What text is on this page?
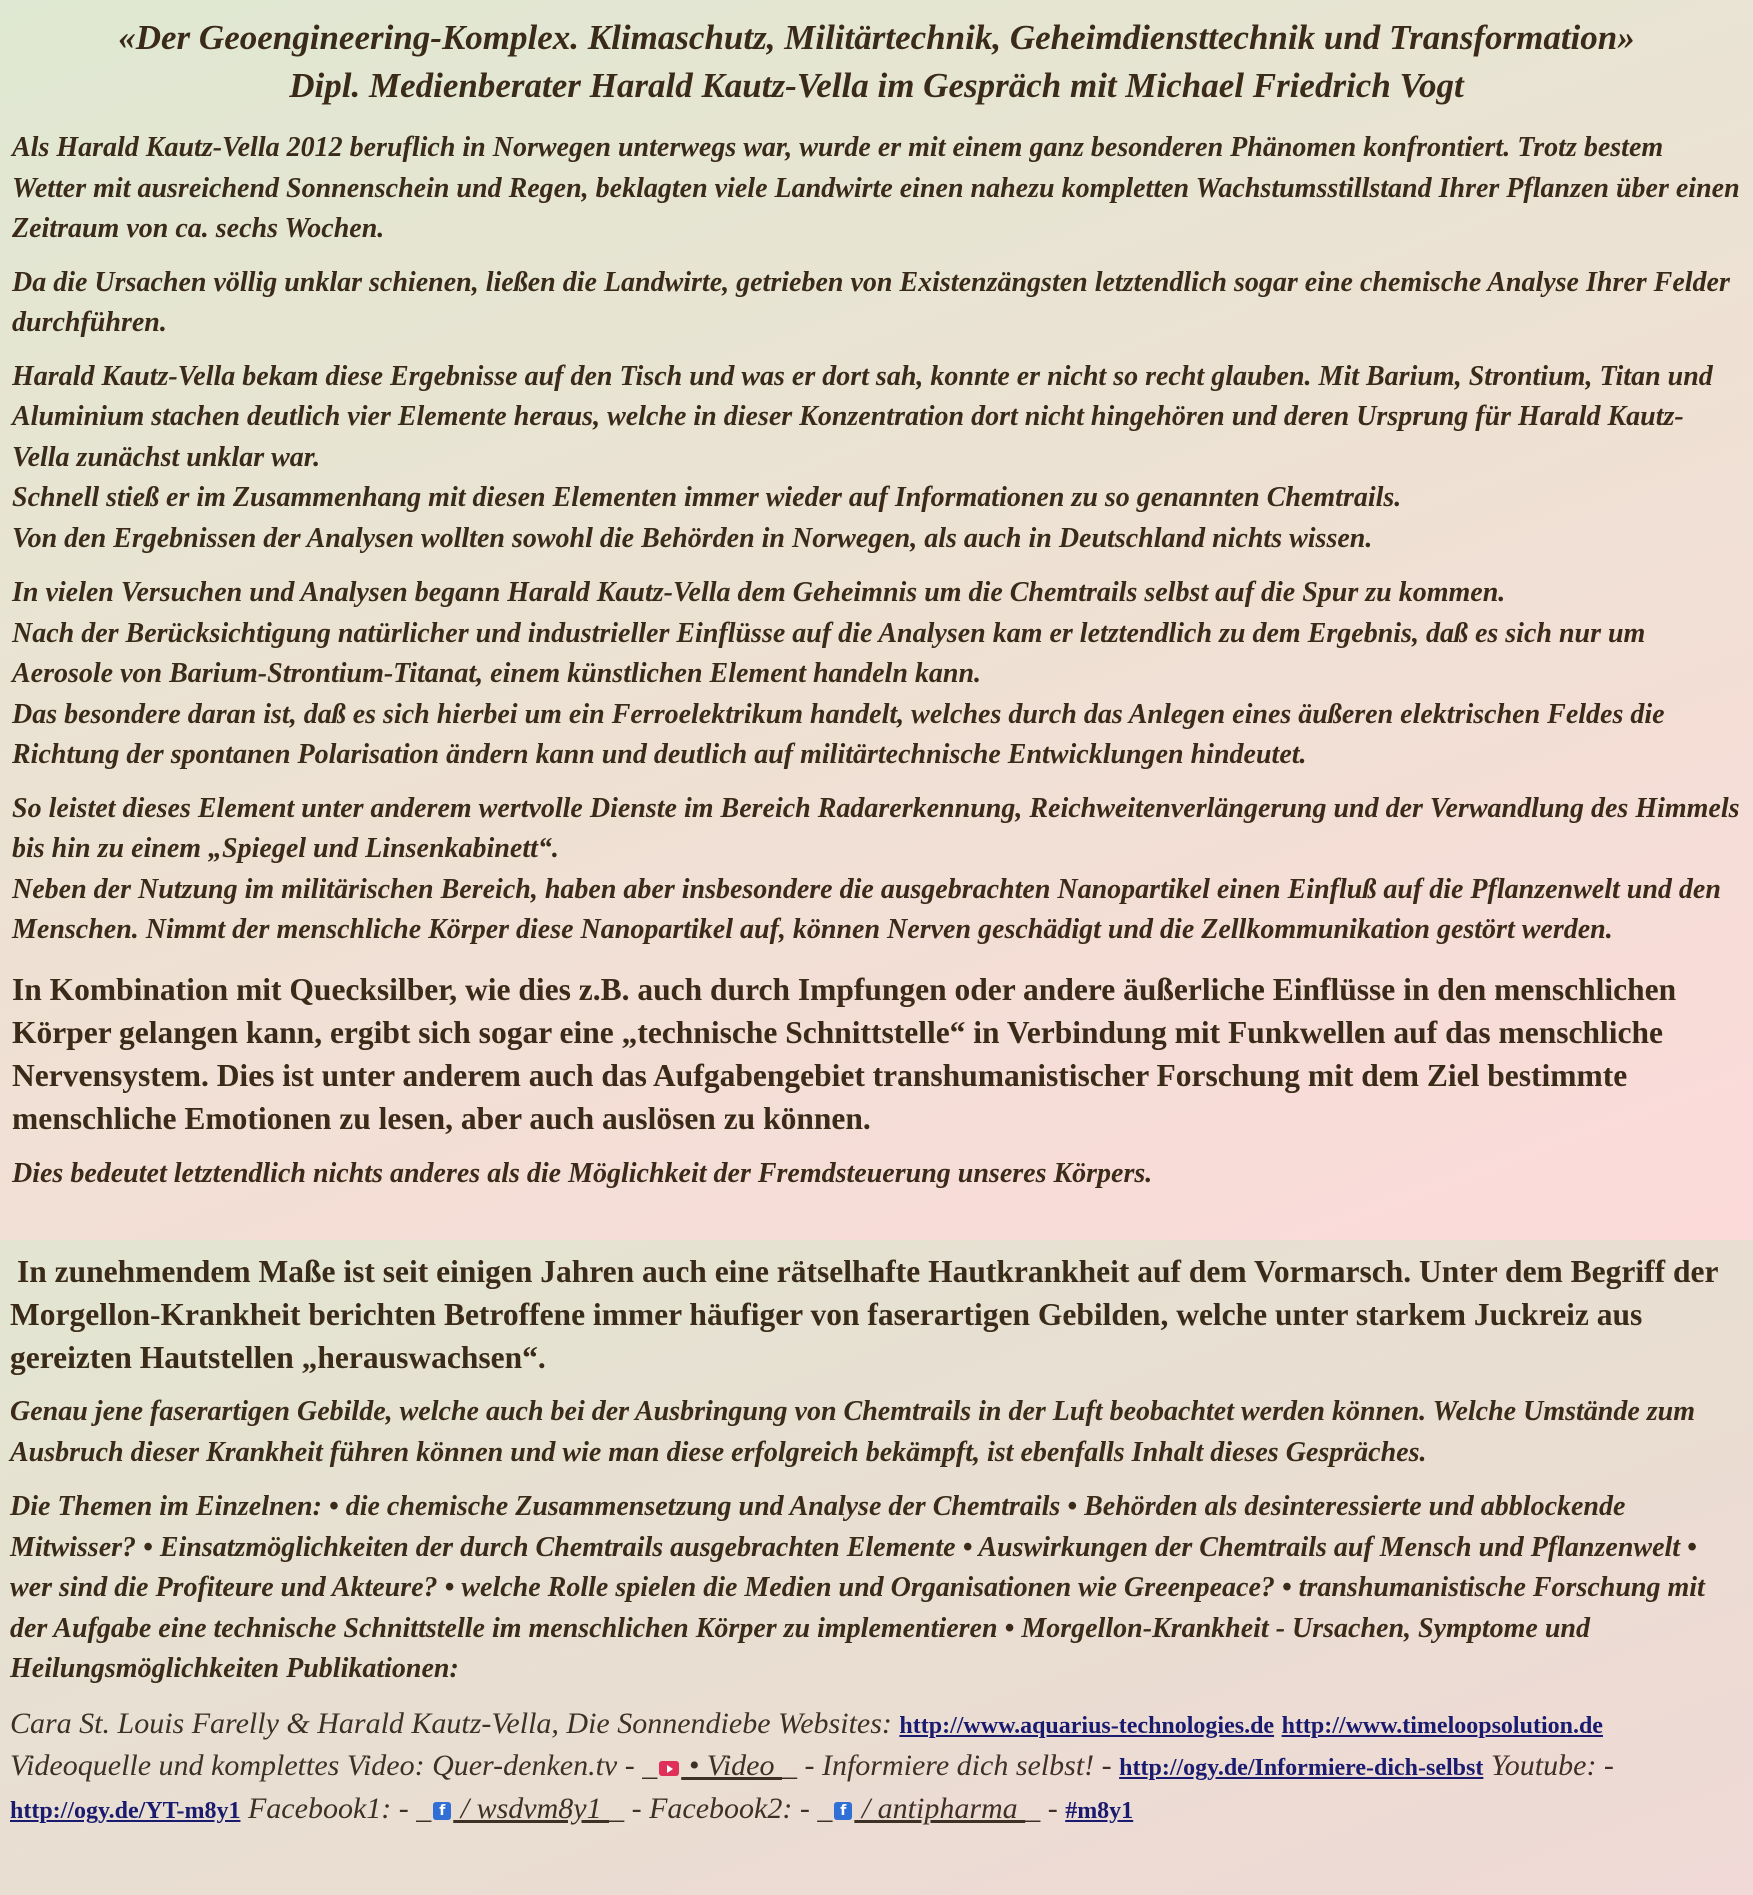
«Der Geoengineering-Komplex. Klimaschutz, Militärtechnik, Geheimdiensttechnik und Transformation»
Dipl. Medienberater Harald Kautz-Vella im Gespräch mit Michael Friedrich Vogt

Als Harald Kautz-Vella 2012 beruflich in Norwegen unterwegs war, wurde er mit einem ganz besonderen Phänomen konfrontiert. Trotz bestem Wetter mit ausreichend Sonnenschein und Regen, beklagten viele Landwirte einen nahezu kompletten Wachstumsstillstand Ihrer Pflanzen über einen Zeitraum von ca. sechs Wochen.

Da die Ursachen völlig unklar schienen, ließen die Landwirte, getrieben von Existenzängsten letztendlich sogar eine chemische Analyse Ihrer Felder durchführen.

Harald Kautz-Vella bekam diese Ergebnisse auf den Tisch und was er dort sah, konnte er nicht so recht glauben. Mit Barium, Strontium, Titan und Aluminium stachen deutlich vier Elemente heraus, welche in dieser Konzentration dort nicht hingehören und deren Ursprung für Harald Kautz-Vella zunächst unklar war.

Schnell stieß er im Zusammenhang mit diesen Elementen immer wieder auf Informationen zu so genannten Chemtrails.

Von den Ergebnissen der Analysen wollten sowohl die Behörden in Norwegen, als auch in Deutschland nichts wissen.

In vielen Versuchen und Analysen begann Harald Kautz-Vella dem Geheimnis um die Chemtrails selbst auf die Spur zu kommen.

Nach der Berücksichtigung natürlicher und industrieller Einflüsse auf die Analysen kam er letztendlich zu dem Ergebnis, daß es sich nur um Aerosole von Barium-Strontium-Titanat, einem künstlichen Element handeln kann.

Das besondere daran ist, daß es sich hierbei um ein Ferroelektrikum handelt, welches durch das Anlegen eines äußeren elektrischen Feldes die Richtung der spontanen Polarisation ändern kann und deutlich auf militärtechnische Entwicklungen hindeutet.

So leistet dieses Element unter anderem wertvolle Dienste im Bereich Radarerkennung, Reichweitenverlängerung und der Verwandlung des Himmels bis hin zu einem „Spiegel und Linsenkabinett“.

Neben der Nutzung im militärischen Bereich, haben aber insbesondere die ausgebrachten Nanopartikel einen Einfluß auf die Pflanzenwelt und den Menschen. Nimmt der menschliche Körper diese Nanopartikel auf, können Nerven geschädigt und die Zellkommunikation gestört werden.

In Kombination mit Quecksilber, wie dies z.B. auch durch Impfungen oder andere äußerliche Einflüsse in den menschlichen Körper gelangen kann, ergibt sich sogar eine „technische Schnittstelle“ in Verbindung mit Funkwellen auf das menschliche Nervensystem. Dies ist unter anderem auch das Aufgabengebiet transhumanistischer Forschung mit dem Ziel bestimmte menschliche Emotionen zu lesen, aber auch auslösen zu können.

Dies bedeutet letztendlich nichts anderes als die Möglichkeit der Fremdsteuerung unseres Körpers.

In zunehmendem Maße ist seit einigen Jahren auch eine rätselhafte Hautkrankheit auf dem Vormarsch. Unter dem Begriff der Morgellon-Krankheit berichten Betroffene immer häufiger von faserartigen Gebilden, welche unter starkem Juckreiz aus gereizten Hautstellen „herauswachsen“.

Genau jene faserartigen Gebilde, welche auch bei der Ausbringung von Chemtrails in der Luft beobachtet werden können. Welche Umstände zum Ausbruch dieser Krankheit führen können und wie man diese erfolgreich bekämpft, ist ebenfalls Inhalt dieses Gespräches.

Die Themen im Einzelnen: • die chemische Zusammensetzung und Analyse der Chemtrails • Behörden als desinteressierte und abblockende Mitwisser? • Einsatzmöglichkeiten der durch Chemtrails ausgebrachten Elemente • Auswirkungen der Chemtrails auf Mensch und Pflanzenwelt • wer sind die Profiteure und Akteure? • welche Rolle spielen die Medien und Organisationen wie Greenpeace? • transhumanistische Forschung mit der Aufgabe eine technische Schnittstelle im menschlichen Körper zu implementieren • Morgellon-Krankheit - Ursachen, Symptome und Heilungsmöglichkeiten Publikationen:

Cara St. Louis Farelly & Harald Kautz-Vella, Die Sonnendiebe Websites: http://www.aquarius-technologies.de http://www.timeloopsolution.de Videoquelle und komplettes Video: Quer-denken.tv - _ • Video _ - Informiere dich selbst! - http://ogy.de/Informiere-dich-selbst Youtube: - http://ogy.de/YT-m8y1 Facebook1: - _ f / wsdvm8y1 _ - Facebook2: - _ f / antipharma _ - #m8y1
